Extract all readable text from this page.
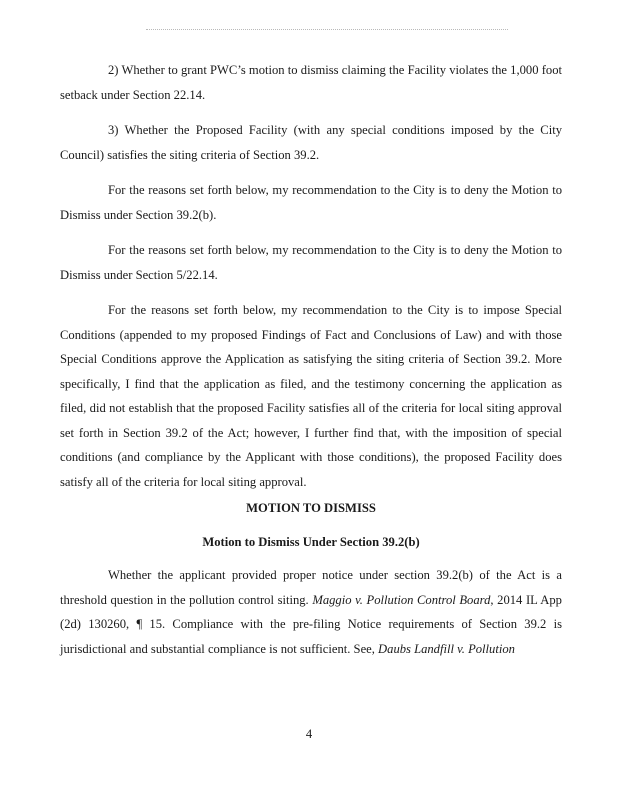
2) Whether to grant PWC’s motion to dismiss claiming the Facility violates the 1,000 foot setback under Section 22.14.

3) Whether the Proposed Facility (with any special conditions imposed by the City Council) satisfies the siting criteria of Section 39.2.

For the reasons set forth below, my recommendation to the City is to deny the Motion to Dismiss under Section 39.2(b).

For the reasons set forth below, my recommendation to the City is to deny the Motion to Dismiss under Section 5/22.14.

For the reasons set forth below, my recommendation to the City is to impose Special Conditions (appended to my proposed Findings of Fact and Conclusions of Law) and with those Special Conditions approve the Application as satisfying the siting criteria of Section 39.2. More specifically, I find that the application as filed, and the testimony concerning the application as filed, did not establish that the proposed Facility satisfies all of the criteria for local siting approval set forth in Section 39.2 of the Act; however, I further find that, with the imposition of special conditions (and compliance by the Applicant with those conditions), the proposed Facility does satisfy all of the criteria for local siting approval.

MOTION TO DISMISS
Motion to Dismiss Under Section 39.2(b)

Whether the applicant provided proper notice under section 39.2(b) of the Act is a threshold question in the pollution control siting. Maggio v. Pollution Control Board, 2014 IL App (2d) 130260, ¶ 15. Compliance with the pre-filing Notice requirements of Section 39.2 is jurisdictional and substantial compliance is not sufficient. See, Daubs Landfill v. Pollution

4
